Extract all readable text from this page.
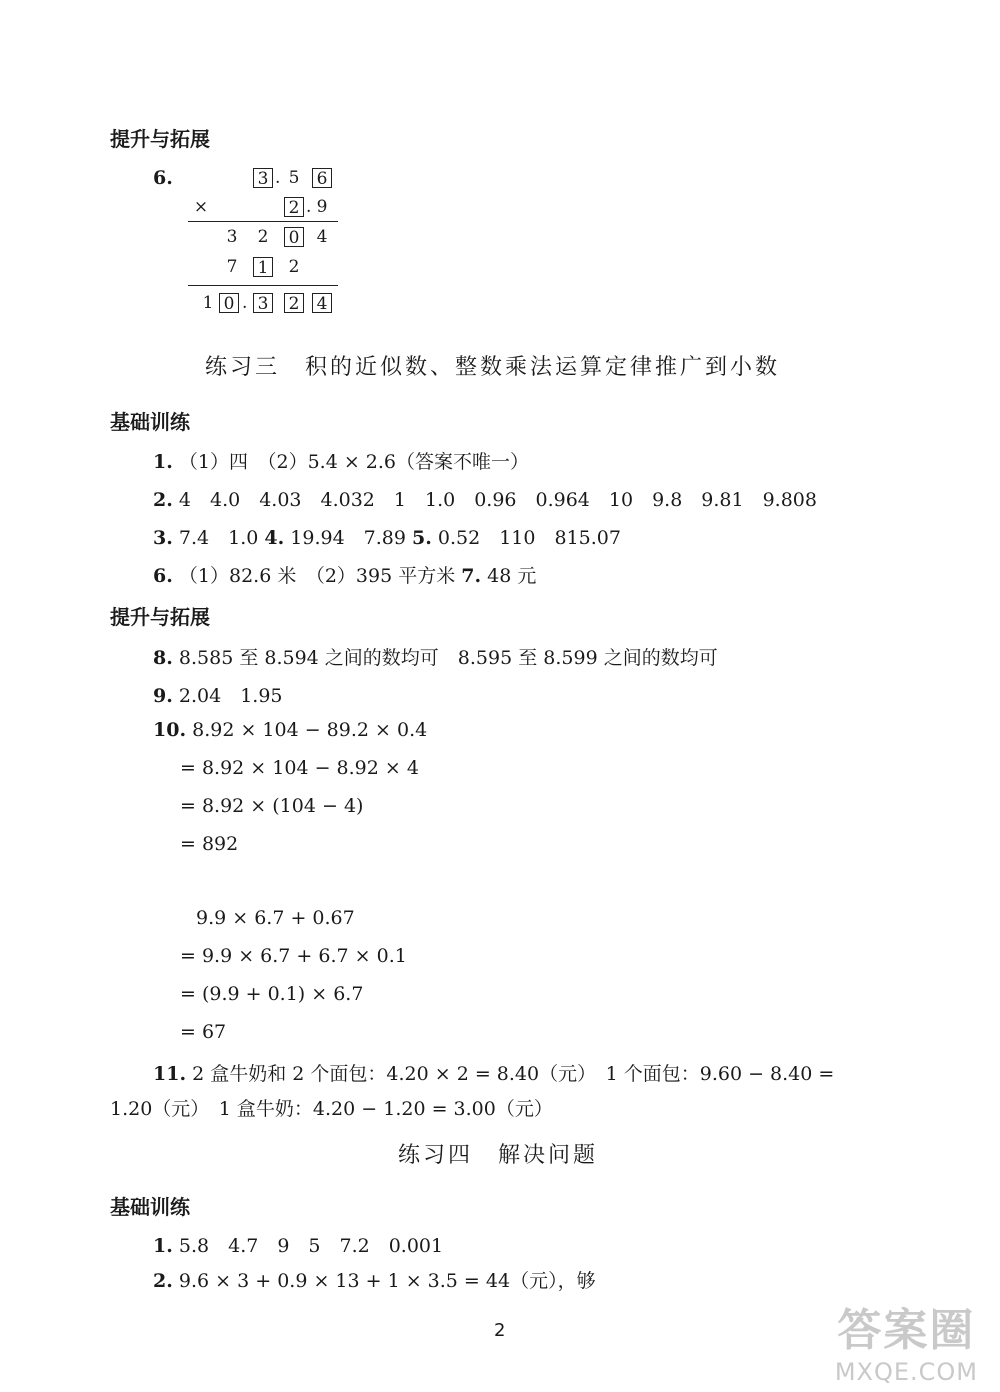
提升与拓展
6.	3 . 5 6
×	2 . 9
3 2 0 4
7 1 2
1 0 . 3 2 4
练习三　积的近似数、整数乘法运算定律推广到小数
基础训练
1. （1）四　（2）5.4 × 2.6（答案不唯一）
2. 4　4.0　4.03　4.032　1　1.0　0.96　0.964　10　9.8　9.81　9.808
3. 7.4　1.0 4. 19.94　7.89 5. 0.52　110　815.07
6. （1）82.6 米　（2）395 平方米 7. 48 元
提升与拓展
8. 8.585 至 8.594 之间的数均可　8.595 至 8.599 之间的数均可
9. 2.04　1.95
10. 8.92 × 104 − 89.2 × 0.4
= 8.92 × 104 − 8.92 × 4
= 8.92 × (104 − 4)
= 892
9.9 × 6.7 + 0.67
= 9.9 × 6.7 + 6.7 × 0.1
= (9.9 + 0.1) × 6.7
= 67
11. 2 盒牛奶和 2 个面包：4.20 × 2 = 8.40（元）　1 个面包：9.60 − 8.40 =
1.20（元）　1 盒牛奶：4.20 − 1.20 = 3.00（元）
练习四　解决问题
基础训练
1. 5.8　4.7　9　5　7.2　0.001
2. 9.6 × 3 + 0.9 × 13 + 1 × 3.5 = 44（元），够
2	答案圈
MXQE.COM
